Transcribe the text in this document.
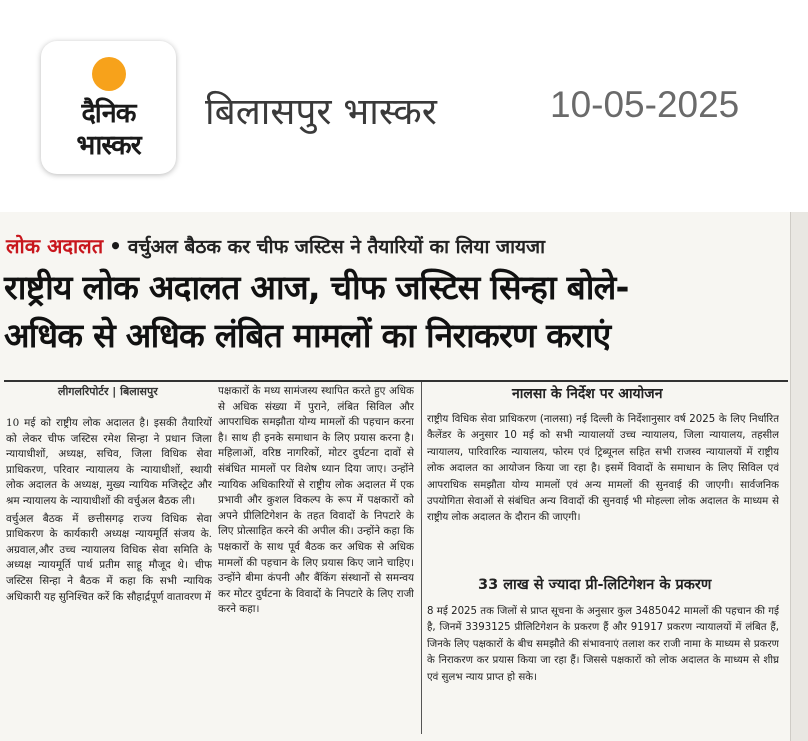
दैनिक
भास्कर
बिलासपुर भास्कर	10-05-2025
लोक अदालत • वर्चुअल बैठक कर चीफ जस्टिस ने तैयारियों का लिया जायजा
राष्ट्रीय लोक अदालत आज, चीफ जस्टिस सिन्हा बोले-
अधिक से अधिक लंबित मामलों का निराकरण कराएं
लीगलरिपोर्टर | बिलासपुर

10 मई को राष्ट्रीय लोक अदालत है। इसकी तैयारियों को लेकर चीफ जस्टिस रमेश सिन्हा ने प्रधान जिला न्यायाधीशों, अध्यक्ष, सचिव, जिला विधिक सेवा प्राधिकरण, परिवार न्यायालय के न्यायाधीशों, स्थायी लोक अदालत के अध्यक्ष, मुख्य न्यायिक मजिस्ट्रेट और श्रम न्यायालय के न्यायाधीशों की वर्चुअल बैठक ली।

वर्चुअल बैठक में छत्तीसगढ़ राज्य विधिक सेवा प्राधिकरण के कार्यकारी अध्यक्ष न्यायमूर्ति संजय के. अग्रवाल,और उच्च न्यायालय विधिक सेवा समिति के अध्यक्ष न्यायमूर्ति पार्थ प्रतीम साहू मौजूद थे। चीफ जस्टिस सिन्हा ने बैठक में कहा कि सभी न्यायिक अधिकारी यह सुनिश्चित करें कि सौहार्द्रपूर्ण वातावरण में

पक्षकारों के मध्य सामंजस्य स्थापित करते हुए अधिक से अधिक संख्या में पुराने, लंबित सिविल और आपराधिक समझौता योग्य मामलों की पहचान करना है। साथ ही इनके समाधान के लिए प्रयास करना है। महिलाओं, वरिष्ठ नागरिकों, मोटर दुर्घटना दावों से संबंधित मामलों पर विशेष ध्यान दिया जाए। उन्होंने न्यायिक अधिकारियों से राष्ट्रीय लोक अदालत में एक प्रभावी और कुशल विकल्प के रूप में पक्षकारों को अपने प्रीलिटिगेशन के तहत विवादों के निपटारे के लिए प्रोत्साहित करने की अपील की। उन्होंने कहा कि पक्षकारों के साथ पूर्व बैठक कर अधिक से अधिक मामलों की पहचान के लिए प्रयास किए जाने चाहिए। उन्होंने बीमा कंपनी और बैंकिंग संस्थानों से समन्वय कर मोटर दुर्घटना के विवादों के निपटारे के लिए राजी करने कहा।

नालसा के निर्देश पर आयोजन

राष्ट्रीय विधिक सेवा प्राधिकरण (नालसा) नई दिल्ली के निर्देशानुसार वर्ष 2025 के लिए निर्धारित कैलेंडर के अनुसार 10 मई को सभी न्यायालयों उच्च न्यायालय, जिला न्यायालय, तहसील न्यायालय, पारिवारिक न्यायालय, फोरम एवं ट्रिब्यूनल सहित सभी राजस्व न्यायालयों में राष्ट्रीय लोक अदालत का आयोजन किया जा रहा है। इसमें विवादों के समाधान के लिए सिविल एवं आपराधिक समझौता योग्य मामलों एवं अन्य मामलों की सुनवाई की जाएगी। सार्वजनिक उपयोगिता सेवाओं से संबंधित अन्य विवादों की सुनवाई भी मोहल्ला लोक अदालत के माध्यम से राष्ट्रीय लोक अदालत के दौरान की जाएगी।

33 लाख से ज्यादा प्री-लिटिगेशन के प्रकरण

8 मई 2025 तक जिलों से प्राप्त सूचना के अनुसार कुल 3485042 मामलों की पहचान की गई है, जिनमें 3393125 प्रीलिटिगेशन के प्रकरण हैं और 91917 प्रकरण न्यायालयों में लंबित हैं, जिनके लिए पक्षकारों के बीच समझौते की संभावनाएं तलाश कर राजी नामा के माध्यम से प्रकरण के निराकरण कर प्रयास किया जा रहा हैं। जिससे पक्षकारों को लोक अदालत के माध्यम से शीघ्र एवं सुलभ न्याय प्राप्त हो सके।
